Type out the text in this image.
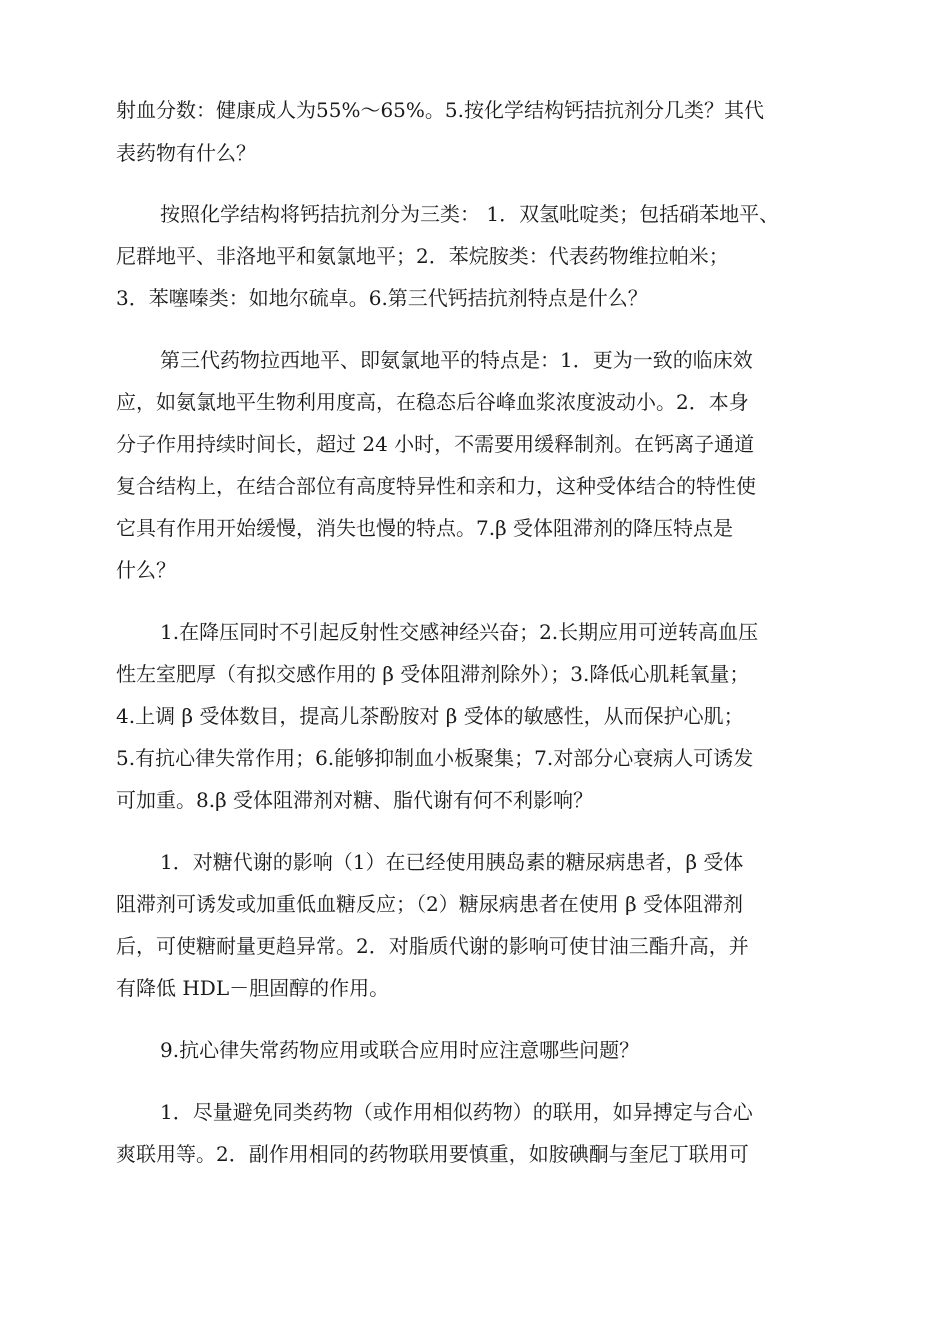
射血分数：健康成人为55%～65%。5.按化学结构钙拮抗剂分几类？其代
表药物有什么？
按照化学结构将钙拮抗剂分为三类： 1．双氢吡啶类；包括硝苯地平、
尼群地平、非洛地平和氨氯地平；2．苯烷胺类：代表药物维拉帕米；
3．苯噻嗪类：如地尔硫卓。6.第三代钙拮抗剂特点是什么？
第三代药物拉西地平、即氨氯地平的特点是：1．更为一致的临床效
应，如氨氯地平生物利用度高，在稳态后谷峰血浆浓度波动小。2．本身
分子作用持续时间长，超过 24 小时，不需要用缓释制剂。在钙离子通道
复合结构上，在结合部位有高度特异性和亲和力，这种受体结合的特性使
它具有作用开始缓慢，消失也慢的特点。7.β 受体阻滞剂的降压特点是
什么？
1.在降压同时不引起反射性交感神经兴奋；2.长期应用可逆转高血压
性左室肥厚（有拟交感作用的 β 受体阻滞剂除外）；3.降低心肌耗氧量；
4.上调 β 受体数目，提高儿茶酚胺对 β 受体的敏感性，从而保护心肌；
5.有抗心律失常作用；6.能够抑制血小板聚集；7.对部分心衰病人可诱发
可加重。8.β 受体阻滞剂对糖、脂代谢有何不利影响？
1．对糖代谢的影响（1）在已经使用胰岛素的糖尿病患者，β 受体
阻滞剂可诱发或加重低血糖反应；（2）糖尿病患者在使用 β 受体阻滞剂
后，可使糖耐量更趋异常。2．对脂质代谢的影响可使甘油三酯升高，并
有降低 HDL－胆固醇的作用。
9.抗心律失常药物应用或联合应用时应注意哪些问题？
1．尽量避免同类药物（或作用相似药物）的联用，如异搏定与合心
爽联用等。2．副作用相同的药物联用要慎重，如胺碘酮与奎尼丁联用可
